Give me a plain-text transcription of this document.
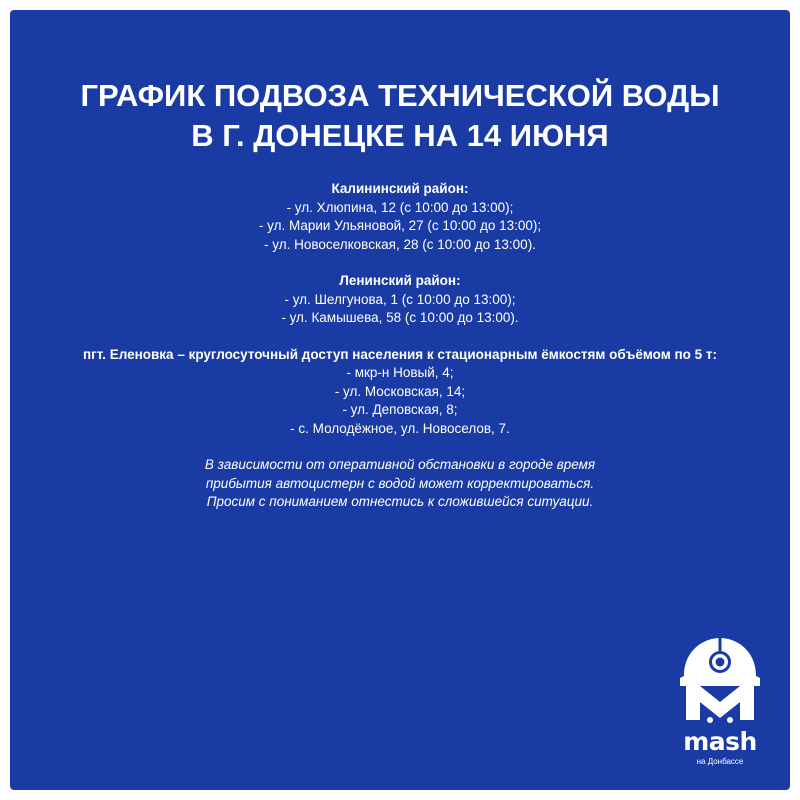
ГРАФИК ПОДВОЗА ТЕХНИЧЕСКОЙ ВОДЫ
В Г. ДОНЕЦКЕ НА 14 ИЮНЯ
Калининский район:
- ул. Хлюпина, 12 (с 10:00 до 13:00);
- ул. Марии Ульяновой, 27 (с 10:00 до 13:00);
- ул. Новоселковская, 28 (с 10:00 до 13:00).
Ленинский район:
- ул. Шелгунова, 1 (с 10:00 до 13:00);
- ул. Камышева, 58 (с 10:00 до 13:00).
пгт. Еленовка – круглосуточный доступ населения к стационарным ёмкостям объёмом по 5 т:
- мкр-н Новый, 4;
- ул. Московская, 14;
- ул. Деповская, 8;
- с. Молодёжное, ул. Новоселов, 7.
В зависимости от оперативной обстановки в городе время
прибытия автоцистерн с водой может корректироваться.
Просим с пониманием отнестись к сложившейся ситуации.
mash
на Донбассе
